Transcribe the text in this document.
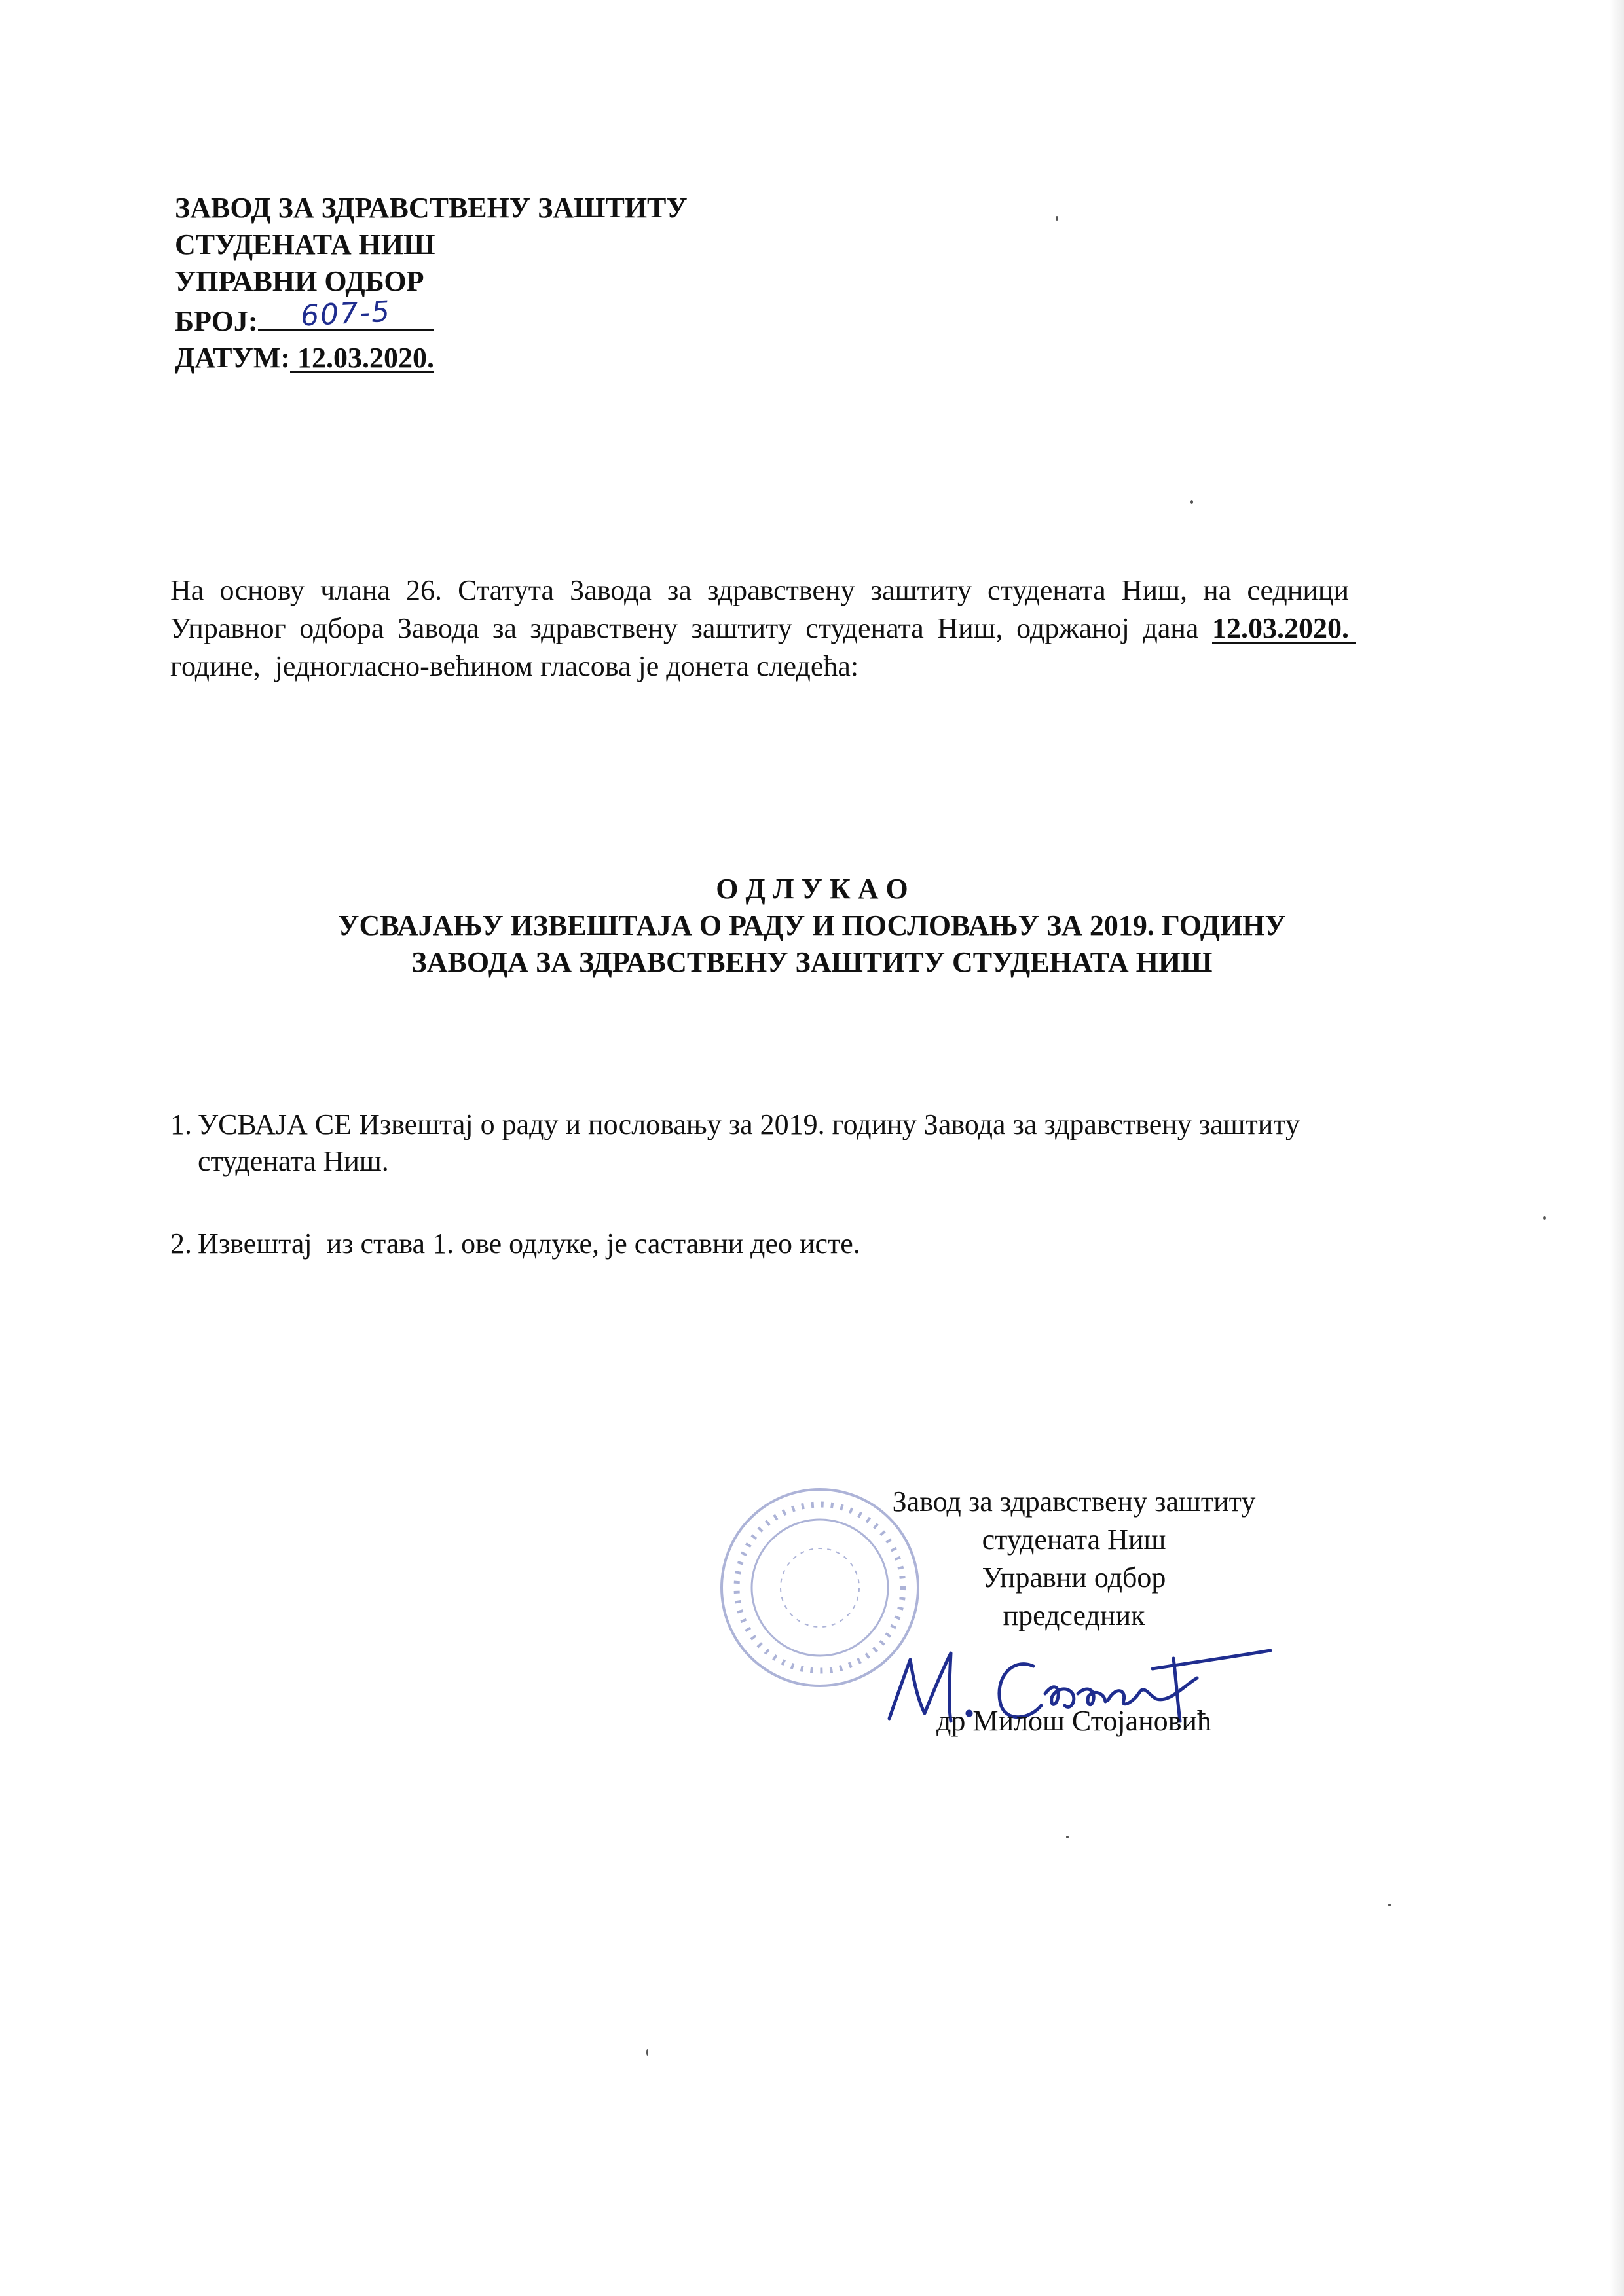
ЗАВОД ЗА ЗДРАВСТВЕНУ ЗАШТИТУ
СТУДЕНАТА НИШ
УПРАВНИ ОДБОР
БРОЈ:	607-5
ДАТУМ: 12.03.2020.
На основу члана 26. Статута Завода за здравствену заштиту студената Ниш, на седници Управног одбора Завода за здравствену заштиту студената Ниш, одржаној дана 12.03.2020.  године,  једногласно-већином гласова је донета следећа:
О Д Л У К А О
УСВАЈАЊУ ИЗВЕШТАЈА О РАДУ И ПОСЛОВАЊУ ЗА 2019. ГОДИНУ
ЗАВОДА ЗА ЗДРАВСТВЕНУ ЗАШТИТУ СТУДЕНАТА НИШ
1. УСВАЈА СЕ Извештај о раду и пословању за 2019. годину Завода за здравствену заштиту студената Ниш.
2. Извештај  из става 1. ове одлуке, је саставни део исте.
Завод за здравствену заштиту
студената Ниш
Управни одбор
председник
др Милош Стојановић
